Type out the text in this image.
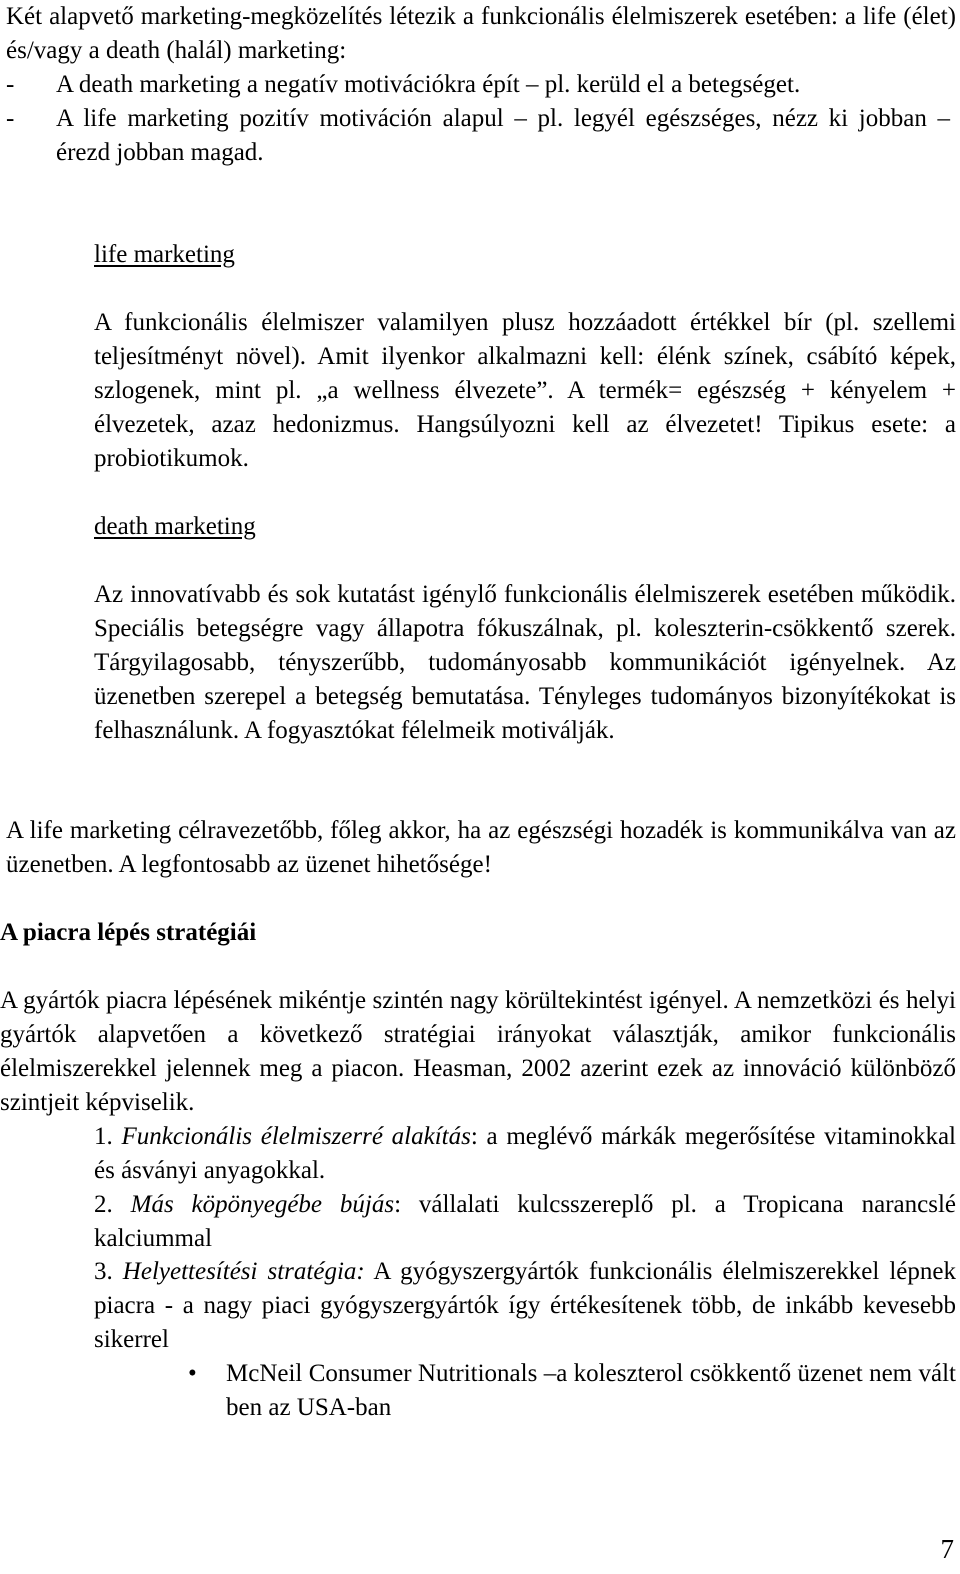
Két alapvető marketing-megközelítés létezik a funkcionális élelmiszerek esetében: a life (élet) és/vagy a death (halál) marketing:

-	A death marketing a negatív motivációkra épít – pl. kerüld el a betegséget.

-	A life marketing pozitív motiváción alapul – pl. legyél egészséges, nézz ki jobban – érezd jobban magad.

life marketing

A funkcionális élelmiszer valamilyen plusz hozzáadott értékkel bír (pl. szellemi teljesítményt növel). Amit ilyenkor alkalmazni kell: élénk színek, csábító képek, szlogenek, mint pl. „a wellness élvezete”. A termék= egészség + kényelem + élvezetek, azaz hedonizmus. Hangsúlyozni kell az élvezetet! Tipikus esete: a probiotikumok.

death marketing

Az innovatívabb és sok kutatást igénylő funkcionális élelmiszerek esetében működik. Speciális betegségre vagy állapotra fókuszálnak, pl. koleszterin-csökkentő szerek. Tárgyilagosabb, tényszerűbb, tudományosabb kommunikációt igényelnek. Az üzenetben szerepel a betegség bemutatása. Tényleges tudományos bizonyítékokat is felhasználunk. A fogyasztókat félelmeik motiválják.

A life marketing célravezetőbb, főleg akkor, ha az egészségi hozadék is kommunikálva van az üzenetben. A legfontosabb az üzenet hihetősége!

A piacra lépés stratégiái

A gyártók piacra lépésének mikéntje szintén nagy körültekintést igényel. A nemzetközi és helyi gyártók alapvetően a következő stratégiai irányokat választják, amikor funkcionális élelmiszerekkel jelennek meg a piacon. Heasman, 2002 azerint ezek az innováció különböző szintjeit képviselik.

1. Funkcionális élelmiszerré alakítás: a meglévő márkák megerősítése vitaminokkal és ásványi anyagokkal.

2. Más köpönyegébe bújás: vállalati kulcsszereplő pl. a Tropicana narancslé kalciummal

3. Helyettesítési stratégia: A gyógyszergyártók funkcionális élelmiszerekkel lépnek piacra - a nagy piaci gyógyszergyártók így értékesítenek több, de inkább kevesebb sikerrel

•	McNeil Consumer Nutritionals –a koleszterol csökkentő üzenet nem vált ben az USA-ban

7
